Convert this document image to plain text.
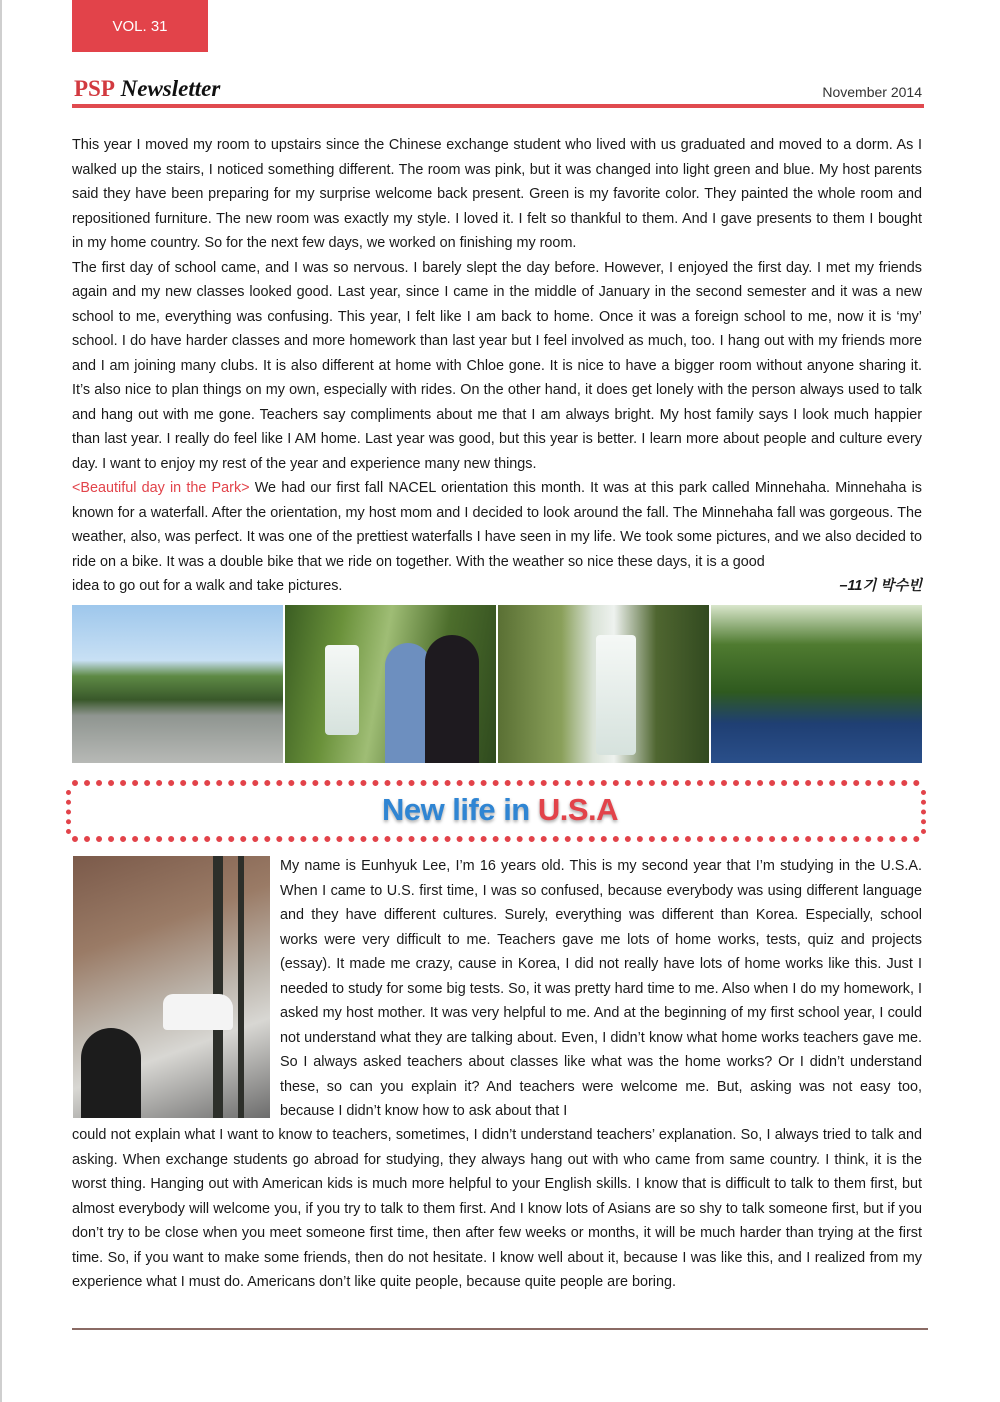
VOL. 31
PSP Newsletter	November 2014

This year I moved my room to upstairs since the Chinese exchange student who lived with us graduated and moved to a dorm. As I walked up the stairs, I noticed something different. The room was pink, but it was changed into light green and blue. My host parents said they have been preparing for my surprise welcome back present. Green is my favorite color. They painted the whole room and repositioned furniture. The new room was exactly my style. I loved it. I felt so thankful to them. And I gave presents to them I bought in my home country. So for the next few days, we worked on finishing my room.

The first day of school came, and I was so nervous. I barely slept the day before. However, I enjoyed the first day. I met my friends again and my new classes looked good. Last year, since I came in the middle of January in the second semester and it was a new school to me, everything was confusing. This year, I felt like I am back to home. Once it was a foreign school to me, now it is ‘my’ school. I do have harder classes and more homework than last year but I feel involved as much, too. I hang out with my friends more and I am joining many clubs. It is also different at home with Chloe gone. It is nice to have a bigger room without anyone sharing it. It’s also nice to plan things on my own, especially with rides. On the other hand, it does get lonely with the person always used to talk and hang out with me gone. Teachers say compliments about me that I am always bright. My host family says I look much happier than last year. I really do feel like I AM home. Last year was good, but this year is better. I learn more about people and culture every day. I want to enjoy my rest of the year and experience many new things.

<Beautiful day in the Park> We had our first fall NACEL orientation this month. It was at this park called Minnehaha. Minnehaha is known for a waterfall. After the orientation, my host mom and I decided to look around the fall. The Minnehaha fall was gorgeous. The weather, also, was perfect. It was one of the prettiest waterfalls I have seen in my life. We took some pictures, and we also decided to ride on a bike. It was a double bike that we ride on together. With the weather so nice these days, it is a good

idea to go out for a walk and take pictures.	–11기 박수빈
New life in U.S.A
My name is Eunhyuk Lee, I’m 16 years old. This is my second year that I’m studying in the U.S.A. When I came to U.S. first time, I was so confused, because everybody was using different language and they have different cultures. Surely, everything was different than Korea. Especially, school works were very difficult to me. Teachers gave me lots of home works, tests, quiz and projects (essay). It made me crazy, cause in Korea, I did not really have lots of home works like this. Just I needed to study for some big tests. So, it was pretty hard time to me. Also when I do my homework, I asked my host mother. It was very helpful to me. And at the beginning of my first school year, I could not understand what they are talking about. Even, I didn’t know what home works teachers gave me. So I always asked teachers about classes like what was the home works? Or I didn’t understand these, so can you explain it? And teachers were welcome me. But, asking was not easy too, because I didn’t know how to ask about that I
could not explain what I want to know to teachers, sometimes, I didn’t understand teachers’ explanation. So, I always tried to talk and asking. When exchange students go abroad for studying, they always hang out with who came from same country. I think, it is the worst thing. Hanging out with American kids is much more helpful to your English skills. I know that is difficult to talk to them first, but almost everybody will welcome you, if you try to talk to them first. And I know lots of Asians are so shy to talk someone first, but if you don’t try to be close when you meet someone first time, then after few weeks or months, it will be much harder than trying at the first time. So, if you want to make some friends, then do not hesitate. I know well about it, because I was like this, and I realized from my experience what I must do. Americans don’t like quite people, because quite people are boring.
